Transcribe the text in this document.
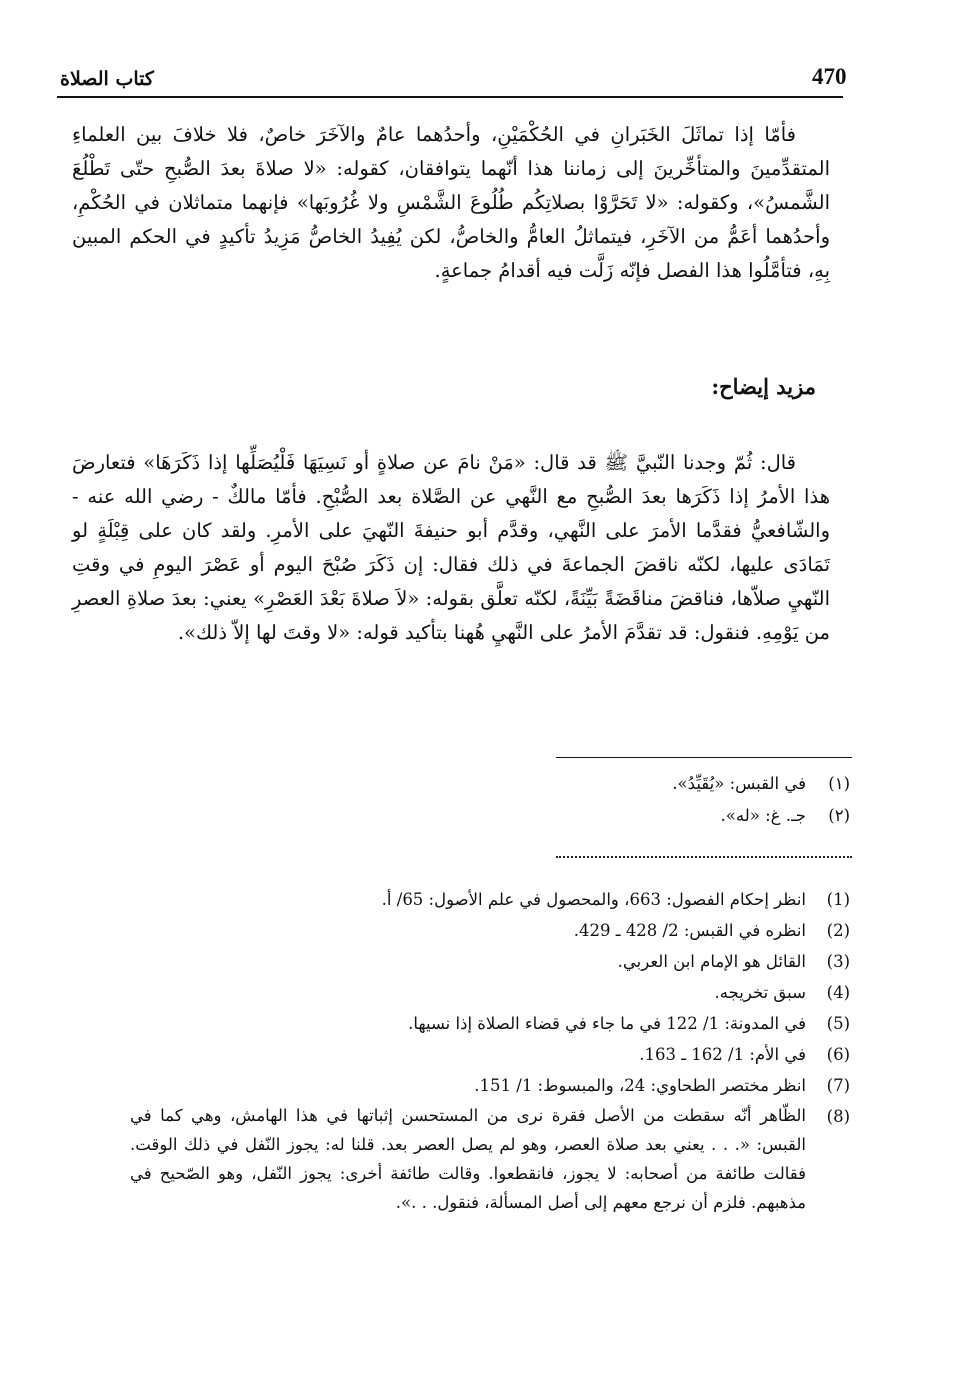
470
كتاب الصلاة

فأمّا إذا تماثَلَ الخَبَرانِ في الحُكْمَيْنِ، وأحدُهما عامٌ والآخَرَ خاصٌ، فلا خلافَ بين العلماءِ المتقدِّمينَ والمتأخِّرينَ إلى زماننا هذا أنّهما يتوافقان، كقوله: «لا صلاةَ بعدَ الصُّبحِ حتّى تَطْلُعَ الشَّمسُ»، وكقوله: «لا تَحَرَّوْا بصلاتِكُم طُلُوعَ الشَّمْسِ ولا غُرُوبَها» فإنهما متماثلان في الحُكْمِ، وأحدُهما أعَمُّ من الآخَرِ، فيتماثلُ العامُّ والخاصُّ، لكن يُفِيدُ الخاصُّ مَزِيدُ تأكيدٍ في الحكم المبين بِهِ، فتأمَّلُوا هذا الفصل فإنّه زَلَّت فيه أقدامُ جماعةٍ.

مزيد إيضاح:

قال: ثُمّ وجدنا النّبيَّ ﷺ قد قال: «مَنْ نامَ عن صلاةٍ أو نَسِيَهَا فَلْيُصَلِّها إذا ذَكَرَهَا» فتعارضَ هذا الأمرُ إذا ذَكَرَها بعدَ الصُّبحِ مع النَّهي عن الصَّلاة بعد الصُّبْحِ. فأمّا مالكٌ - رضي الله عنه - والشّافعيُّ فقدَّما الأمرَ على النَّهي، وقدَّم أبو حنيفةَ النّهيَ على الأمرِ. ولقد كان على قِبْلَةٍ لو تَمَادَى عليها، لكنّه ناقضَ الجماعةَ في ذلك فقال: إن ذَكَرَ صُبْحَ اليوم أو عَصْرَ اليومِ في وقتِ النّهيِ صلاّها، فناقضَ مناقَضَةً بَيِّنَةً، لكنّه تعلَّق بقوله: «لاَ صلاةَ بَعْدَ العَصْرِ» يعني: بعدَ صلاةِ العصرِ من يَوْمِهِ. فنقول: قد تقدَّمَ الأمرُ على النَّهيِ هُهنا بتأكيد قوله: «لا وقتَ لها إلاّ ذلك».

(١)
في القبس: «يُقَيِّدُ».
(٢)
جـ. غ: «له».
(1)
انظر إحكام الفصول: 663، والمحصول في علم الأصول: 65/ أ.
(2)
انظره في القبس: 2/ 428 ـ 429.
(3)
القائل هو الإمام ابن العربي.
(4)
سبق تخريجه.
(5)
في المدونة: 1/ 122 في ما جاء في قضاء الصلاة إذا نسيها.
(6)
في الأم: 1/ 162 ـ 163.
(7)
انظر مختصر الطحاوي: 24، والمبسوط: 1/ 151.
(8)
الظّاهر أنّه سقطت من الأصل فقرة نرى من المستحسن إثباتها في هذا الهامش، وهي كما في القبس: «. . . يعني بعد صلاة العصر، وهو لم يصل العصر بعد. قلنا له: يجوز النّفل في ذلك الوقت. فقالت طائفة من أصحابه: لا يجوز، فانقطعوا. وقالت طائفة أخرى: يجوز النّفل، وهو الصّحيح في مذهبهم. فلزم أن نرجع معهم إلى أصل المسألة، فنقول. . .».
